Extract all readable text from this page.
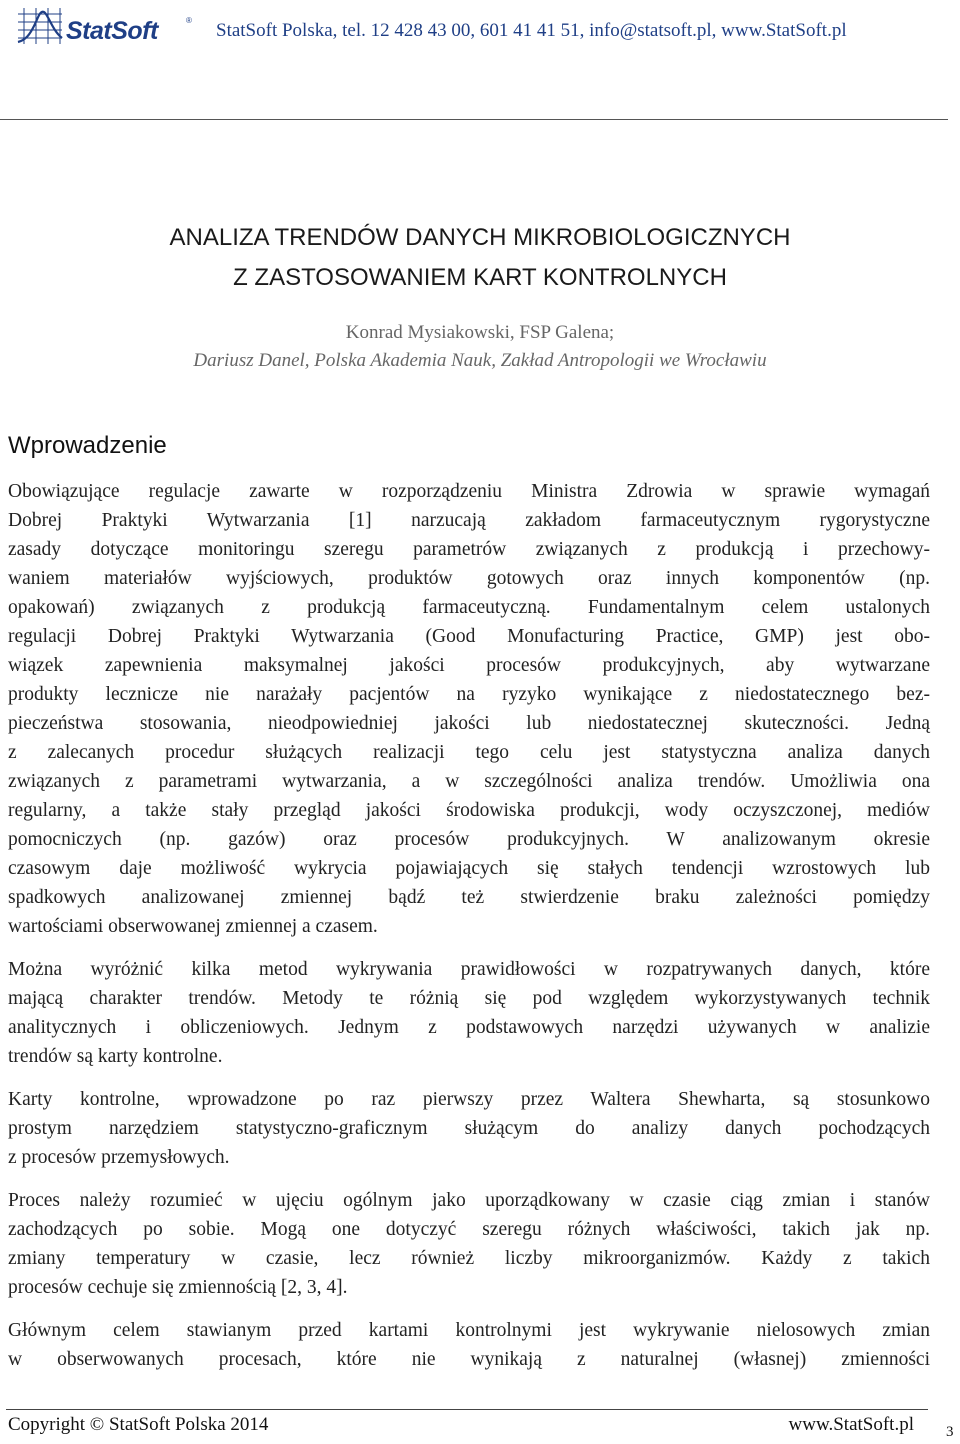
StatSoft	® StatSoft Polska, tel. 12 428 43 00, 601 41 41 51, info@statsoft.pl, www.StatSoft.pl
ANALIZA TRENDÓW DANYCH MIKROBIOLOGICZNYCH
Z ZASTOSOWANIEM KART KONTROLNYCH
Konrad Mysiakowski, FSP Galena;
Dariusz Danel, Polska Akademia Nauk, Zakład Antropologii we Wrocławiu
Wprowadzenie
Obowiązujące regulacje zawarte w rozporządzeniu Ministra Zdrowia w sprawie wymagań
Dobrej Praktyki Wytwarzania [1] narzucają zakładom farmaceutycznym rygorystyczne
zasady dotyczące monitoringu szeregu parametrów związanych z produkcją i przechowy-
waniem materiałów wyjściowych, produktów gotowych oraz innych komponentów (np.
opakowań) związanych z produkcją farmaceutyczną. Fundamentalnym celem ustalonych
regulacji Dobrej Praktyki Wytwarzania (Good Monufacturing Practice, GMP) jest obo-
wiązek zapewnienia maksymalnej jakości procesów produkcyjnych, aby wytwarzane
produkty lecznicze nie narażały pacjentów na ryzyko wynikające z niedostatecznego bez-
pieczeństwa stosowania, nieodpowiedniej jakości lub niedostatecznej skuteczności. Jedną
z zalecanych procedur służących realizacji tego celu jest statystyczna analiza danych
związanych z parametrami wytwarzania, a w szczególności analiza trendów. Umożliwia ona
regularny, a także stały przegląd jakości środowiska produkcji, wody oczyszczonej, mediów
pomocniczych (np. gazów) oraz procesów produkcyjnych. W analizowanym okresie
czasowym daje możliwość wykrycia pojawiających się stałych tendencji wzrostowych lub
spadkowych analizowanej zmiennej bądź też stwierdzenie braku zależności pomiędzy
wartościami obserwowanej zmiennej a czasem.
Można wyróżnić kilka metod wykrywania prawidłowości w rozpatrywanych danych, które
mającą charakter trendów. Metody te różnią się pod względem wykorzystywanych technik
analitycznych i obliczeniowych. Jednym z podstawowych narzędzi używanych w analizie
trendów są karty kontrolne.
Karty kontrolne, wprowadzone po raz pierwszy przez Waltera Shewharta, są stosunkowo
prostym narzędziem statystyczno-graficznym służącym do analizy danych pochodzących
z procesów przemysłowych.
Proces należy rozumieć w ujęciu ogólnym jako uporządkowany w czasie ciąg zmian i stanów
zachodzących po sobie. Mogą one dotyczyć szeregu różnych właściwości, takich jak np.
zmiany temperatury w czasie, lecz również liczby mikroorganizmów. Każdy z takich
procesów cechuje się zmiennością [2, 3, 4].
Głównym celem stawianym przed kartami kontrolnymi jest wykrywanie nielosowych zmian
w obserwowanych procesach, które nie wynikają z naturalnej (własnej) zmienności
Copyright © StatSoft Polska 2014	www.StatSoft.pl 3
